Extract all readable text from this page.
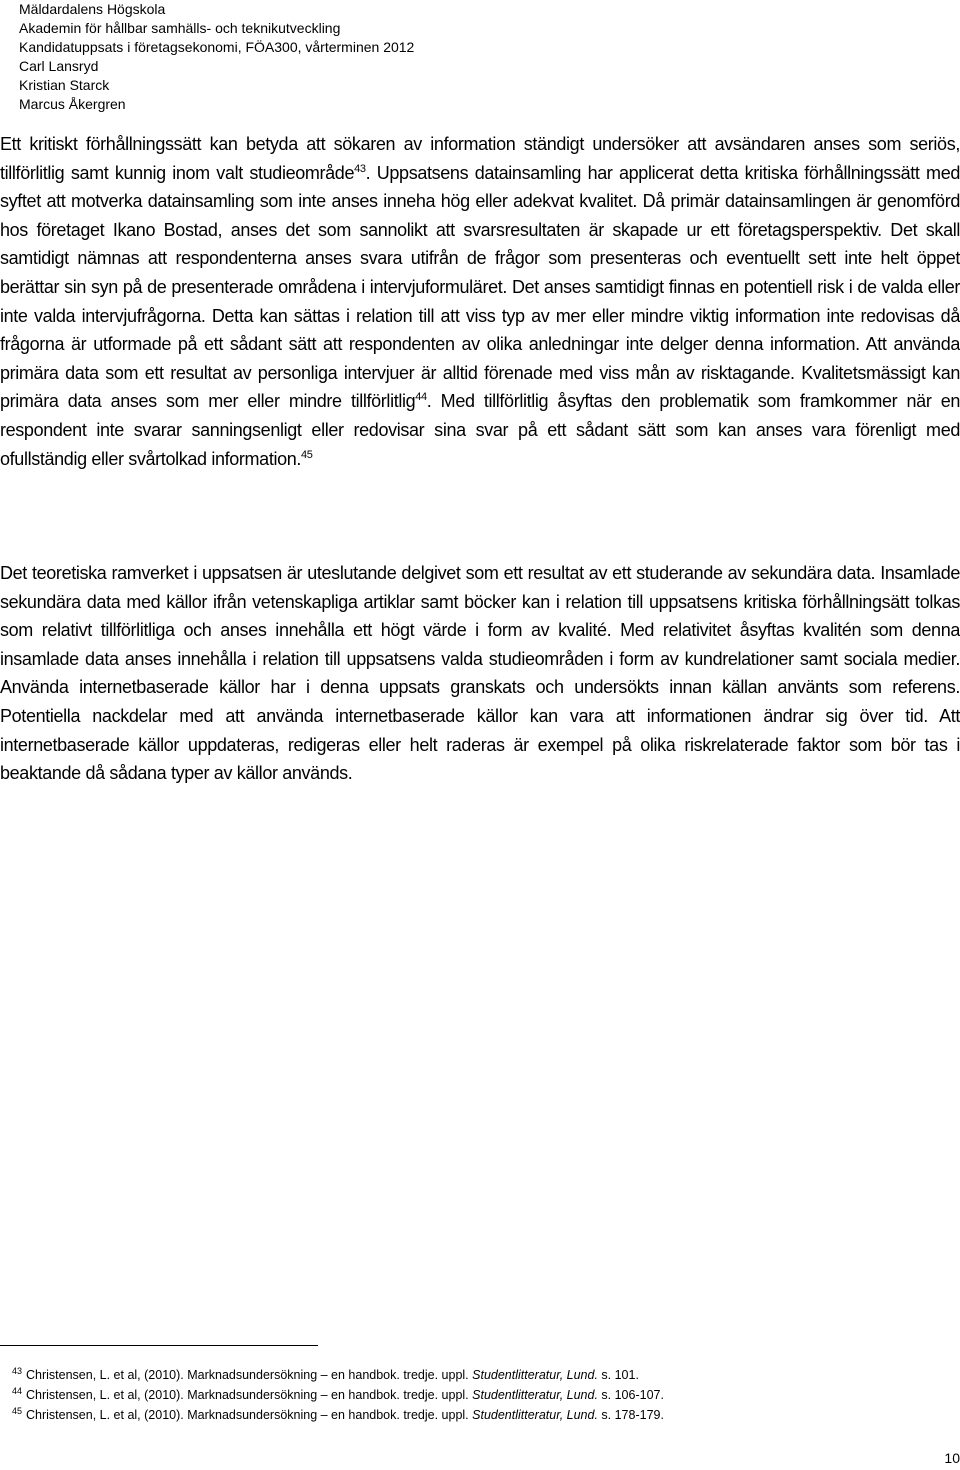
Mäldardalens Högskola
Akademin för hållbar samhälls- och teknikutveckling
Kandidatuppsats i företagsekonomi, FÖA300, vårterminen 2012
Carl Lansryd
Kristian Starck
Marcus Åkergren

Ett kritiskt förhållningssätt kan betyda att sökaren av information ständigt undersöker att avsändaren anses som seriös, tillförlitlig samt kunnig inom valt studieområde$^{43}$. Uppsatsens datainsamling har applicerat detta kritiska förhållningssätt med syftet att motverka datainsamling som inte anses inneha hög eller adekvat kvalitet. Då primär datainsamlingen är genomförd hos företaget Ikano Bostad, anses det som sannolikt att svarsresultaten är skapade ur ett företagsperspektiv. Det skall samtidigt nämnas att respondenterna anses svara utifrån de frågor som presenteras och eventuellt sett inte helt öppet berättar sin syn på de presenterade områdena i intervjuformuläret. Det anses samtidigt finnas en potentiell risk i de valda eller inte valda intervjufrågorna. Detta kan sättas i relation till att viss typ av mer eller mindre viktig information inte redovisas då frågorna är utformade på ett sådant sätt att respondenten av olika anledningar inte delger denna information. Att använda primära data som ett resultat av personliga intervjuer är alltid förenade med viss mån av risktagande. Kvalitetsmässigt kan primära data anses som mer eller mindre tillförlitlig$^{44}$. Med tillförlitlig åsyftas den problematik som framkommer när en respondent inte svarar sanningsenligt eller redovisar sina svar på ett sådant sätt som kan anses vara förenligt med ofullständig eller svårtolkad information.$^{45}$

Det teoretiska ramverket i uppsatsen är uteslutande delgivet som ett resultat av ett studerande av sekundära data. Insamlade sekundära data med källor ifrån vetenskapliga artiklar samt böcker kan i relation till uppsatsens kritiska förhållningsätt tolkas som relativt tillförlitliga och anses innehålla ett högt värde i form av kvalité. Med relativitet åsyftas kvalitén som denna insamlade data anses innehålla i relation till uppsatsens valda studieområden i form av kundrelationer samt sociala medier. Använda internetbaserade källor har i denna uppsats granskats och undersökts innan källan använts som referens. Potentiella nackdelar med att använda internetbaserade källor kan vara att informationen ändrar sig över tid. Att internetbaserade källor uppdateras, redigeras eller helt raderas är exempel på olika riskrelaterade faktor som bör tas i beaktande då sådana typer av källor används.

$^{43}$ Christensen, L. et al, (2010). Marknadsundersökning – en handbok. tredje. uppl. Studentlitteratur, Lund. s. 101.
$^{44}$ Christensen, L. et al, (2010). Marknadsundersökning – en handbok. tredje. uppl. Studentlitteratur, Lund. s. 106-107.
$^{45}$ Christensen, L. et al, (2010). Marknadsundersökning – en handbok. tredje. uppl. Studentlitteratur, Lund. s. 178-179.
10
